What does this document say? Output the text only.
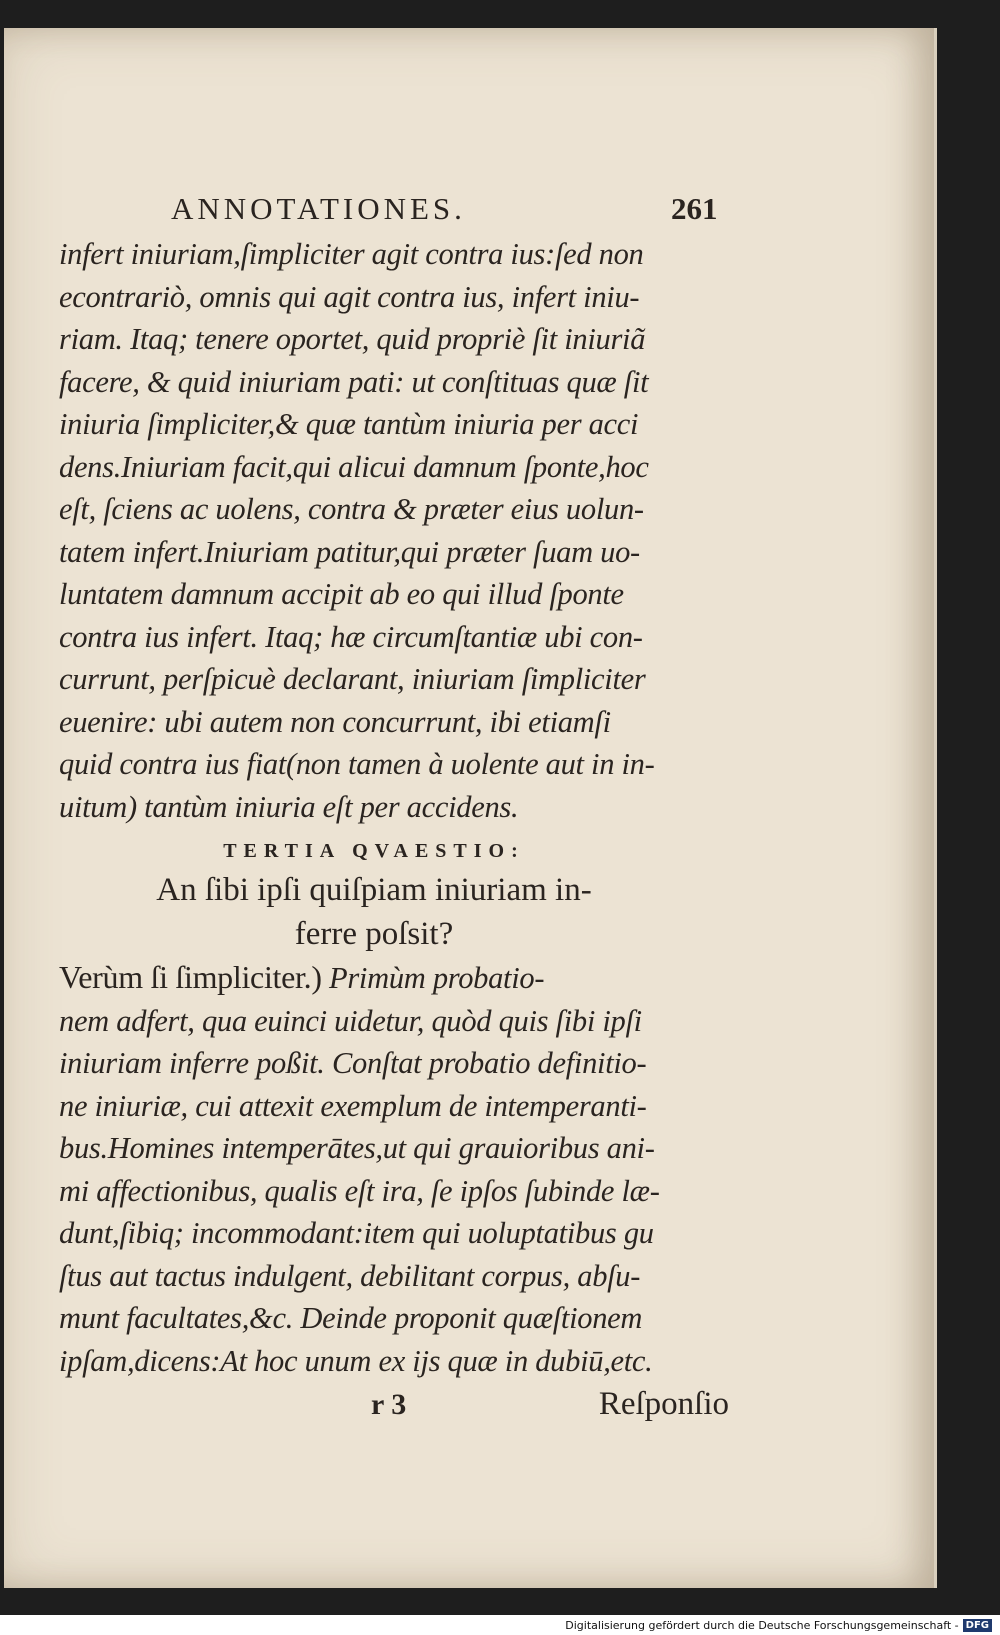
ANNOTATIONES.	261
infert iniuriam,ſimpliciter agit contra ius:ſed non
econtrariò, omnis qui agit contra ius, infert iniu-
riam. Itaq; tenere oportet, quid propriè ſit iniuriã
facere, & quid iniuriam pati: ut conſtituas quæ ſit
iniuria ſimpliciter,& quæ tantùm iniuria per acci
dens.Iniuriam facit,qui alicui damnum ſponte,hoc
eſt, ſciens ac uolens, contra & præter eius uolun-
tatem infert.Iniuriam patitur,qui præter ſuam uo-
luntatem damnum accipit ab eo qui illud ſponte
contra ius infert. Itaq; hæ circumſtantiæ ubi con-
currunt, perſpicuè declarant, iniuriam ſimpliciter
euenire: ubi autem non concurrunt, ibi etiamſi
quid contra ius fiat(non tamen à uolente aut in in-
uitum) tantùm iniuria eſt per accidens.
TERTIA QVAESTIO:
An ſibi ipſi quiſpiam iniuriam in-
ferre poſsit?
Verùm ſi ſimpliciter.) Primùm probatio-
nem adfert, qua euinci uidetur, quòd quis ſibi ipſi
iniuriam inferre poßit. Conſtat probatio definitio-
ne iniuriæ, cui attexit exemplum de intemperanti-
bus.Homines intemperātes,ut qui grauioribus ani-
mi affectionibus, qualis eſt ira, ſe ipſos ſubinde læ-
dunt,ſibiq; incommodant:item qui uoluptatibus gu
ſtus aut tactus indulgent, debilitant corpus, abſu-
munt facultates,&c. Deinde proponit quæſtionem
ipſam,dicens:At hoc unum ex ijs quæ in dubiū,etc.
r 3	Reſponſio
Digitalisierung gefördert durch die Deutsche Forschungsgemeinschaft - DFG
